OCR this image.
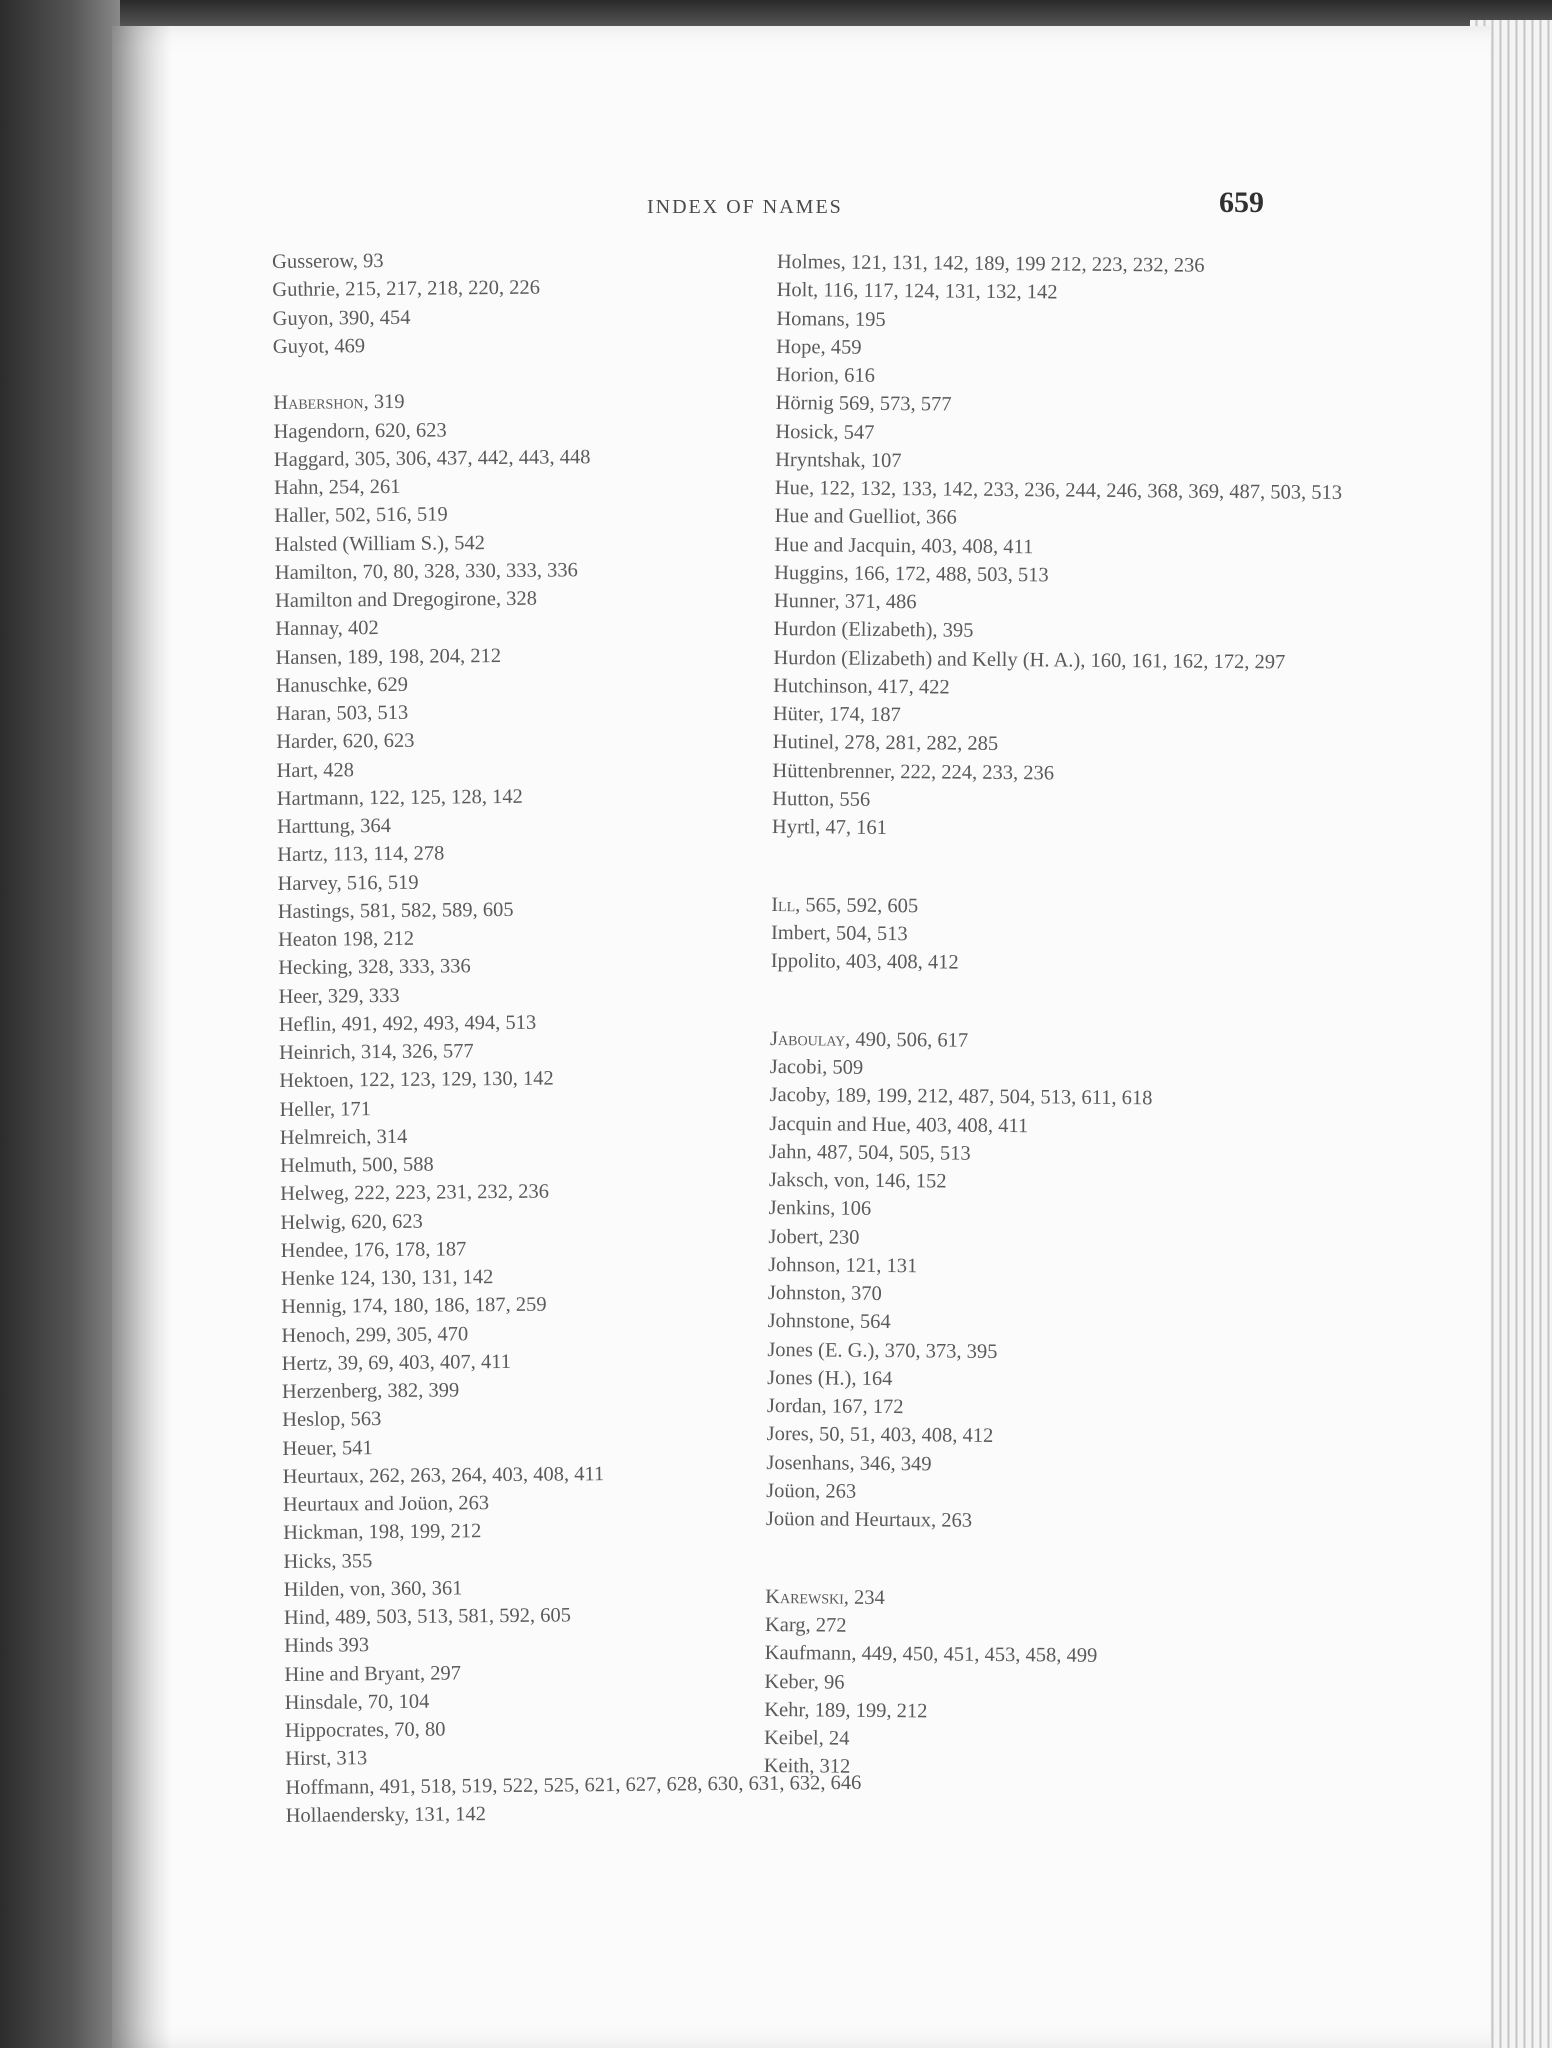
INDEX OF NAMES	659
Gusserow, 93
Guthrie, 215, 217, 218, 220, 226
Guyon, 390, 454
Guyot, 469
Habershon, 319
Hagendorn, 620, 623
Haggard, 305, 306, 437, 442, 443, 448
Hahn, 254, 261
Haller, 502, 516, 519
Halsted (William S.), 542
Hamilton, 70, 80, 328, 330, 333, 336
Hamilton and Dregogirone, 328
Hannay, 402
Hansen, 189, 198, 204, 212
Hanuschke, 629
Haran, 503, 513
Harder, 620, 623
Hart, 428
Hartmann, 122, 125, 128, 142
Harttung, 364
Hartz, 113, 114, 278
Harvey, 516, 519
Hastings, 581, 582, 589, 605
Heaton 198, 212
Hecking, 328, 333, 336
Heer, 329, 333
Heflin, 491, 492, 493, 494, 513
Heinrich, 314, 326, 577
Hektoen, 122, 123, 129, 130, 142
Heller, 171
Helmreich, 314
Helmuth, 500, 588
Helweg, 222, 223, 231, 232, 236
Helwig, 620, 623
Hendee, 176, 178, 187
Henke 124, 130, 131, 142
Hennig, 174, 180, 186, 187, 259
Henoch, 299, 305, 470
Hertz, 39, 69, 403, 407, 411
Herzenberg, 382, 399
Heslop, 563
Heuer, 541
Heurtaux, 262, 263, 264, 403, 408, 411
Heurtaux and Joüon, 263
Hickman, 198, 199, 212
Hicks, 355
Hilden, von, 360, 361
Hind, 489, 503, 513, 581, 592, 605
Hinds 393
Hine and Bryant, 297
Hinsdale, 70, 104
Hippocrates, 70, 80
Hirst, 313
Hoffmann, 491, 518, 519, 522, 525, 621, 627, 628, 630, 631, 632, 646
Hollaendersky, 131, 142
Holmes, 121, 131, 142, 189, 199 212, 223, 232, 236
Holt, 116, 117, 124, 131, 132, 142
Homans, 195
Hope, 459
Horion, 616
Hörnig 569, 573, 577
Hosick, 547
Hryntshak, 107
Hue, 122, 132, 133, 142, 233, 236, 244, 246, 368, 369, 487, 503, 513
Hue and Guelliot, 366
Hue and Jacquin, 403, 408, 411
Huggins, 166, 172, 488, 503, 513
Hunner, 371, 486
Hurdon (Elizabeth), 395
Hurdon (Elizabeth) and Kelly (H. A.), 160, 161, 162, 172, 297
Hutchinson, 417, 422
Hüter, 174, 187
Hutinel, 278, 281, 282, 285
Hüttenbrenner, 222, 224, 233, 236
Hutton, 556
Hyrtl, 47, 161
Ill, 565, 592, 605
Imbert, 504, 513
Ippolito, 403, 408, 412
Jaboulay, 490, 506, 617
Jacobi, 509
Jacoby, 189, 199, 212, 487, 504, 513, 611, 618
Jacquin and Hue, 403, 408, 411
Jahn, 487, 504, 505, 513
Jaksch, von, 146, 152
Jenkins, 106
Jobert, 230
Johnson, 121, 131
Johnston, 370
Johnstone, 564
Jones (E. G.), 370, 373, 395
Jones (H.), 164
Jordan, 167, 172
Jores, 50, 51, 403, 408, 412
Josenhans, 346, 349
Joüon, 263
Joüon and Heurtaux, 263
Karewski, 234
Karg, 272
Kaufmann, 449, 450, 451, 453, 458, 499
Keber, 96
Kehr, 189, 199, 212
Keibel, 24
Keith, 312
